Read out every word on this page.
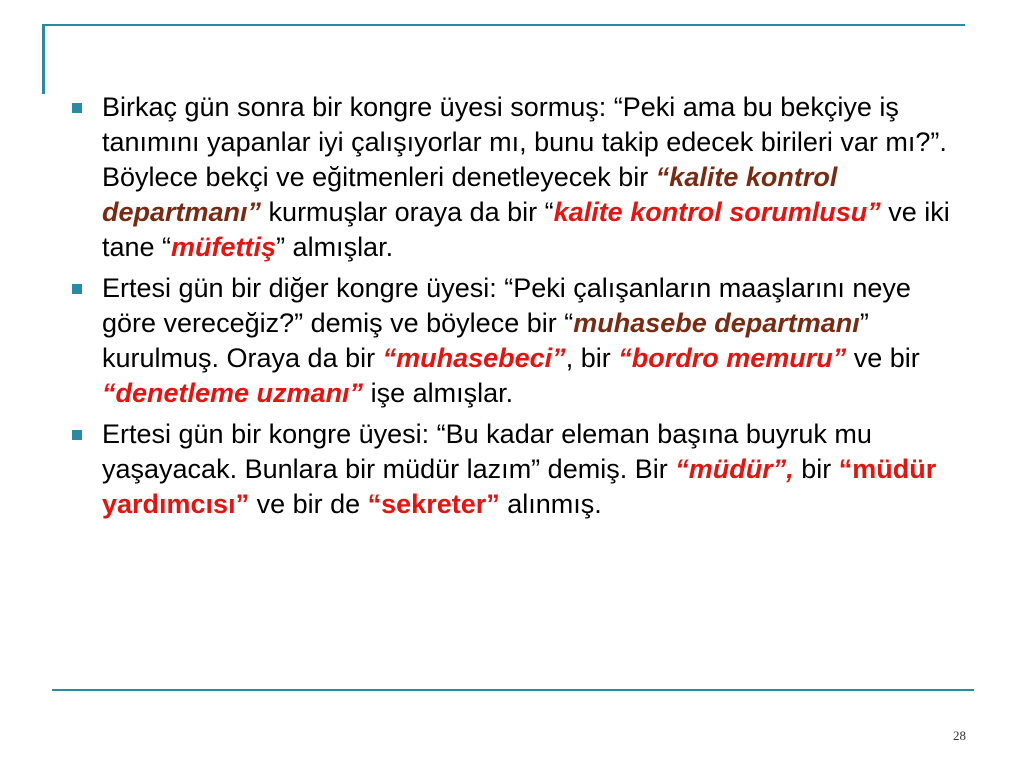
Birkaç gün sonra bir kongre üyesi sormuş: “Peki ama bu bekçiye iş tanımını yapanlar iyi çalışıyorlar mı, bunu takip edecek birileri var mı?”. Böylece bekçi ve eğitmenleri denetleyecek bir “kalite kontrol departmanı” kurmuşlar oraya da bir “kalite kontrol sorumlusu” ve iki tane “müfettiş” almışlar.
Ertesi gün bir diğer kongre üyesi: “Peki çalışanların maaşlarını neye göre vereceğiz?” demiş ve böylece bir “muhasebe departmanı” kurulmuş. Oraya da bir “muhasebeci”, bir “bordro memuru” ve bir “denetleme uzmanı” işe almışlar.
Ertesi gün bir kongre üyesi: “Bu kadar eleman başına buyruk mu yaşayacak. Bunlara bir müdür lazım” demiş. Bir “müdür”, bir “müdür yardımcısı” ve bir de “sekreter” alınmış.
28
